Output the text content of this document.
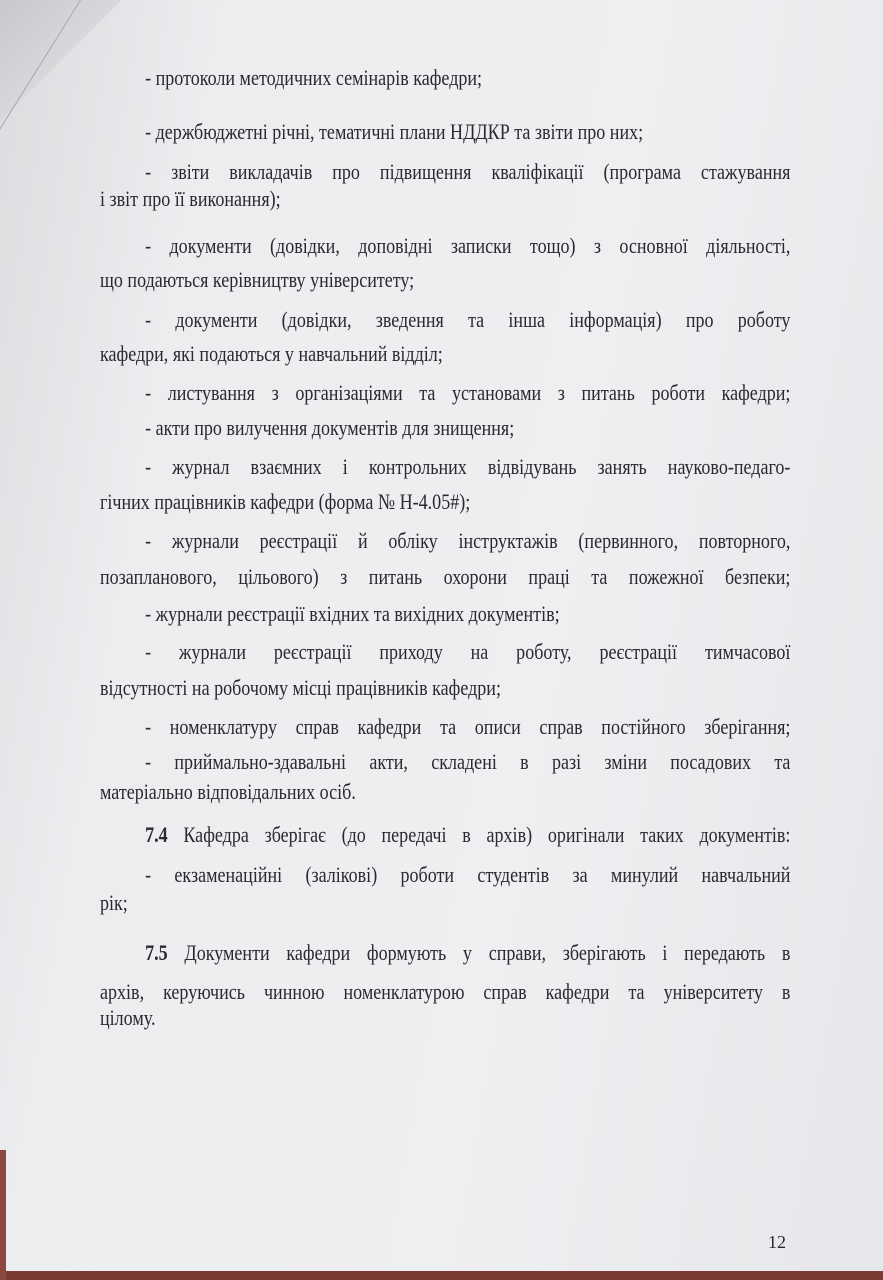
- протоколи методичних семінарів кафедри;
- держбюджетні річні, тематичні плани НДДКР та звіти про них;
- звіти викладачів про підвищення кваліфікації (програма стажування
і звіт про її виконання);
- документи (довідки, доповідні записки тощо) з основної діяльності,
що подаються керівництву університету;
- документи (довідки, зведення та інша інформація) про роботу
кафедри, які подаються у навчальний відділ;
- листування з організаціями та установами з питань роботи кафедри;
- акти про вилучення документів для знищення;
- журнал взаємних і контрольних відвідувань занять науково-педаго-
гічних працівників кафедри (форма № Н-4.05#);
- журнали реєстрації й обліку інструктажів (первинного, повторного,
позапланового, цільового) з питань охорони праці та пожежної безпеки;
- журнали реєстрації вхідних та вихідних документів;
- журнали реєстрації приходу на роботу, реєстрації тимчасової
відсутності на робочому місці працівників кафедри;
- номенклатуру справ кафедри та описи справ постійного зберігання;
- приймально-здавальні акти, складені в разі зміни посадових та
матеріально відповідальних осіб.
7.4 Кафедра зберігає (до передачі в архів) оригінали таких документів:
- екзаменаційні (залікові) роботи студентів за минулий навчальний
рік;
7.5 Документи кафедри формують у справи, зберігають і передають в
архів, керуючись чинною номенклатурою справ кафедри та університету в
цілому.
12
